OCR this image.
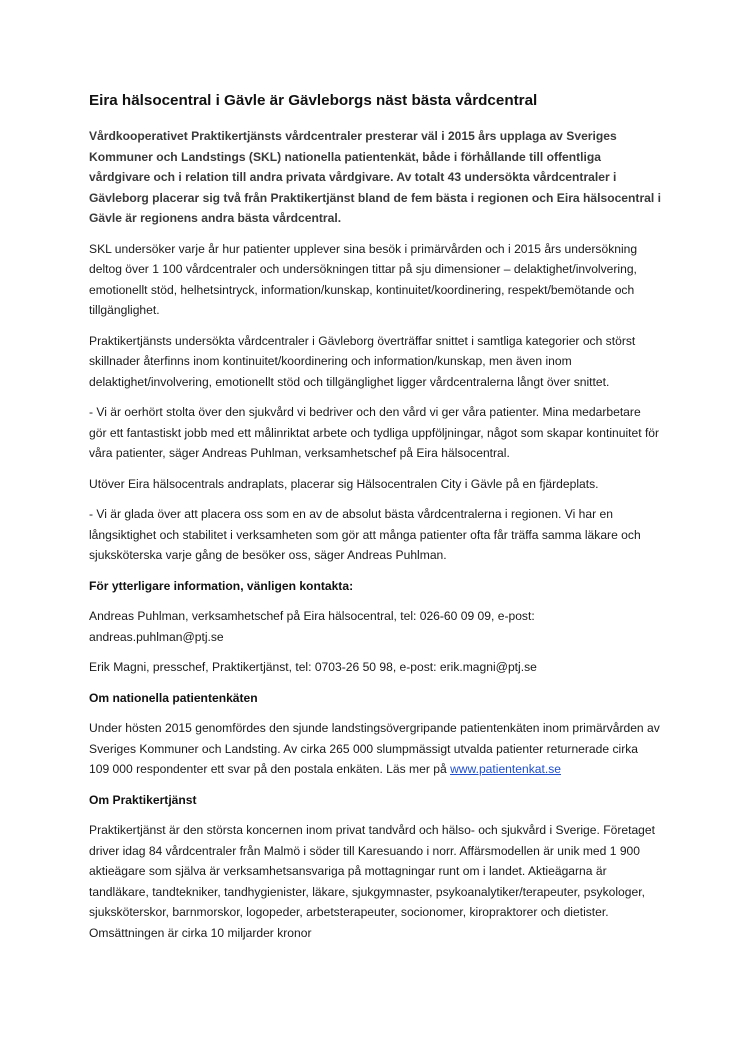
Eira hälsocentral i Gävle är Gävleborgs näst bästa vårdcentral

Vårdkooperativet Praktikertjänsts vårdcentraler presterar väl i 2015 års upplaga av Sveriges Kommuner och Landstings (SKL) nationella patientenkät, både i förhållande till offentliga vårdgivare och i relation till andra privata vårdgivare. Av totalt 43 undersökta vårdcentraler i Gävleborg placerar sig två från Praktikertjänst bland de fem bästa i regionen och Eira hälsocentral i Gävle är regionens andra bästa vårdcentral.

SKL undersöker varje år hur patienter upplever sina besök i primärvården och i 2015 års undersökning deltog över 1 100 vårdcentraler och undersökningen tittar på sju dimensioner – delaktighet/involvering, emotionellt stöd, helhetsintryck, information/kunskap, kontinuitet/koordinering, respekt/bemötande och tillgänglighet.

Praktikertjänsts undersökta vårdcentraler i Gävleborg överträffar snittet i samtliga kategorier och störst skillnader återfinns inom kontinuitet/koordinering och information/kunskap, men även inom delaktighet/involvering, emotionellt stöd och tillgänglighet ligger vårdcentralerna långt över snittet.

- Vi är oerhört stolta över den sjukvård vi bedriver och den vård vi ger våra patienter. Mina medarbetare gör ett fantastiskt jobb med ett målinriktat arbete och tydliga uppföljningar, något som skapar kontinuitet för våra patienter, säger Andreas Puhlman, verksamhetschef på Eira hälsocentral.

Utöver Eira hälsocentrals andraplats, placerar sig Hälsocentralen City i Gävle på en fjärdeplats.

- Vi är glada över att placera oss som en av de absolut bästa vårdcentralerna i regionen. Vi har en långsiktighet och stabilitet i verksamheten som gör att många patienter ofta får träffa samma läkare och sjuksköterska varje gång de besöker oss, säger Andreas Puhlman.

För ytterligare information, vänligen kontakta:

Andreas Puhlman, verksamhetschef på Eira hälsocentral, tel: 026-60 09 09, e-post: andreas.puhlman@ptj.se

Erik Magni, presschef, Praktikertjänst, tel: 0703-26 50 98, e-post: erik.magni@ptj.se

Om nationella patientenkäten

Under hösten 2015 genomfördes den sjunde landstingsövergripande patientenkäten inom primärvården av Sveriges Kommuner och Landsting. Av cirka 265 000 slumpmässigt utvalda patienter returnerade cirka 109 000 respondenter ett svar på den postala enkäten. Läs mer på www.patientenkat.se

Om Praktikertjänst

Praktikertjänst är den största koncernen inom privat tandvård och hälso- och sjukvård i Sverige. Företaget driver idag 84 vårdcentraler från Malmö i söder till Karesuando i norr. Affärsmodellen är unik med 1 900 aktieägare som själva är verksamhetsansvariga på mottagningar runt om i landet. Aktieägarna är tandläkare, tandtekniker, tandhygienister, läkare, sjukgymnaster, psykoanalytiker/terapeuter, psykologer, sjuksköterskor, barnmorskor, logopeder, arbetsterapeuter, socionomer, kiropraktorer och dietister. Omsättningen är cirka 10 miljarder kronor
